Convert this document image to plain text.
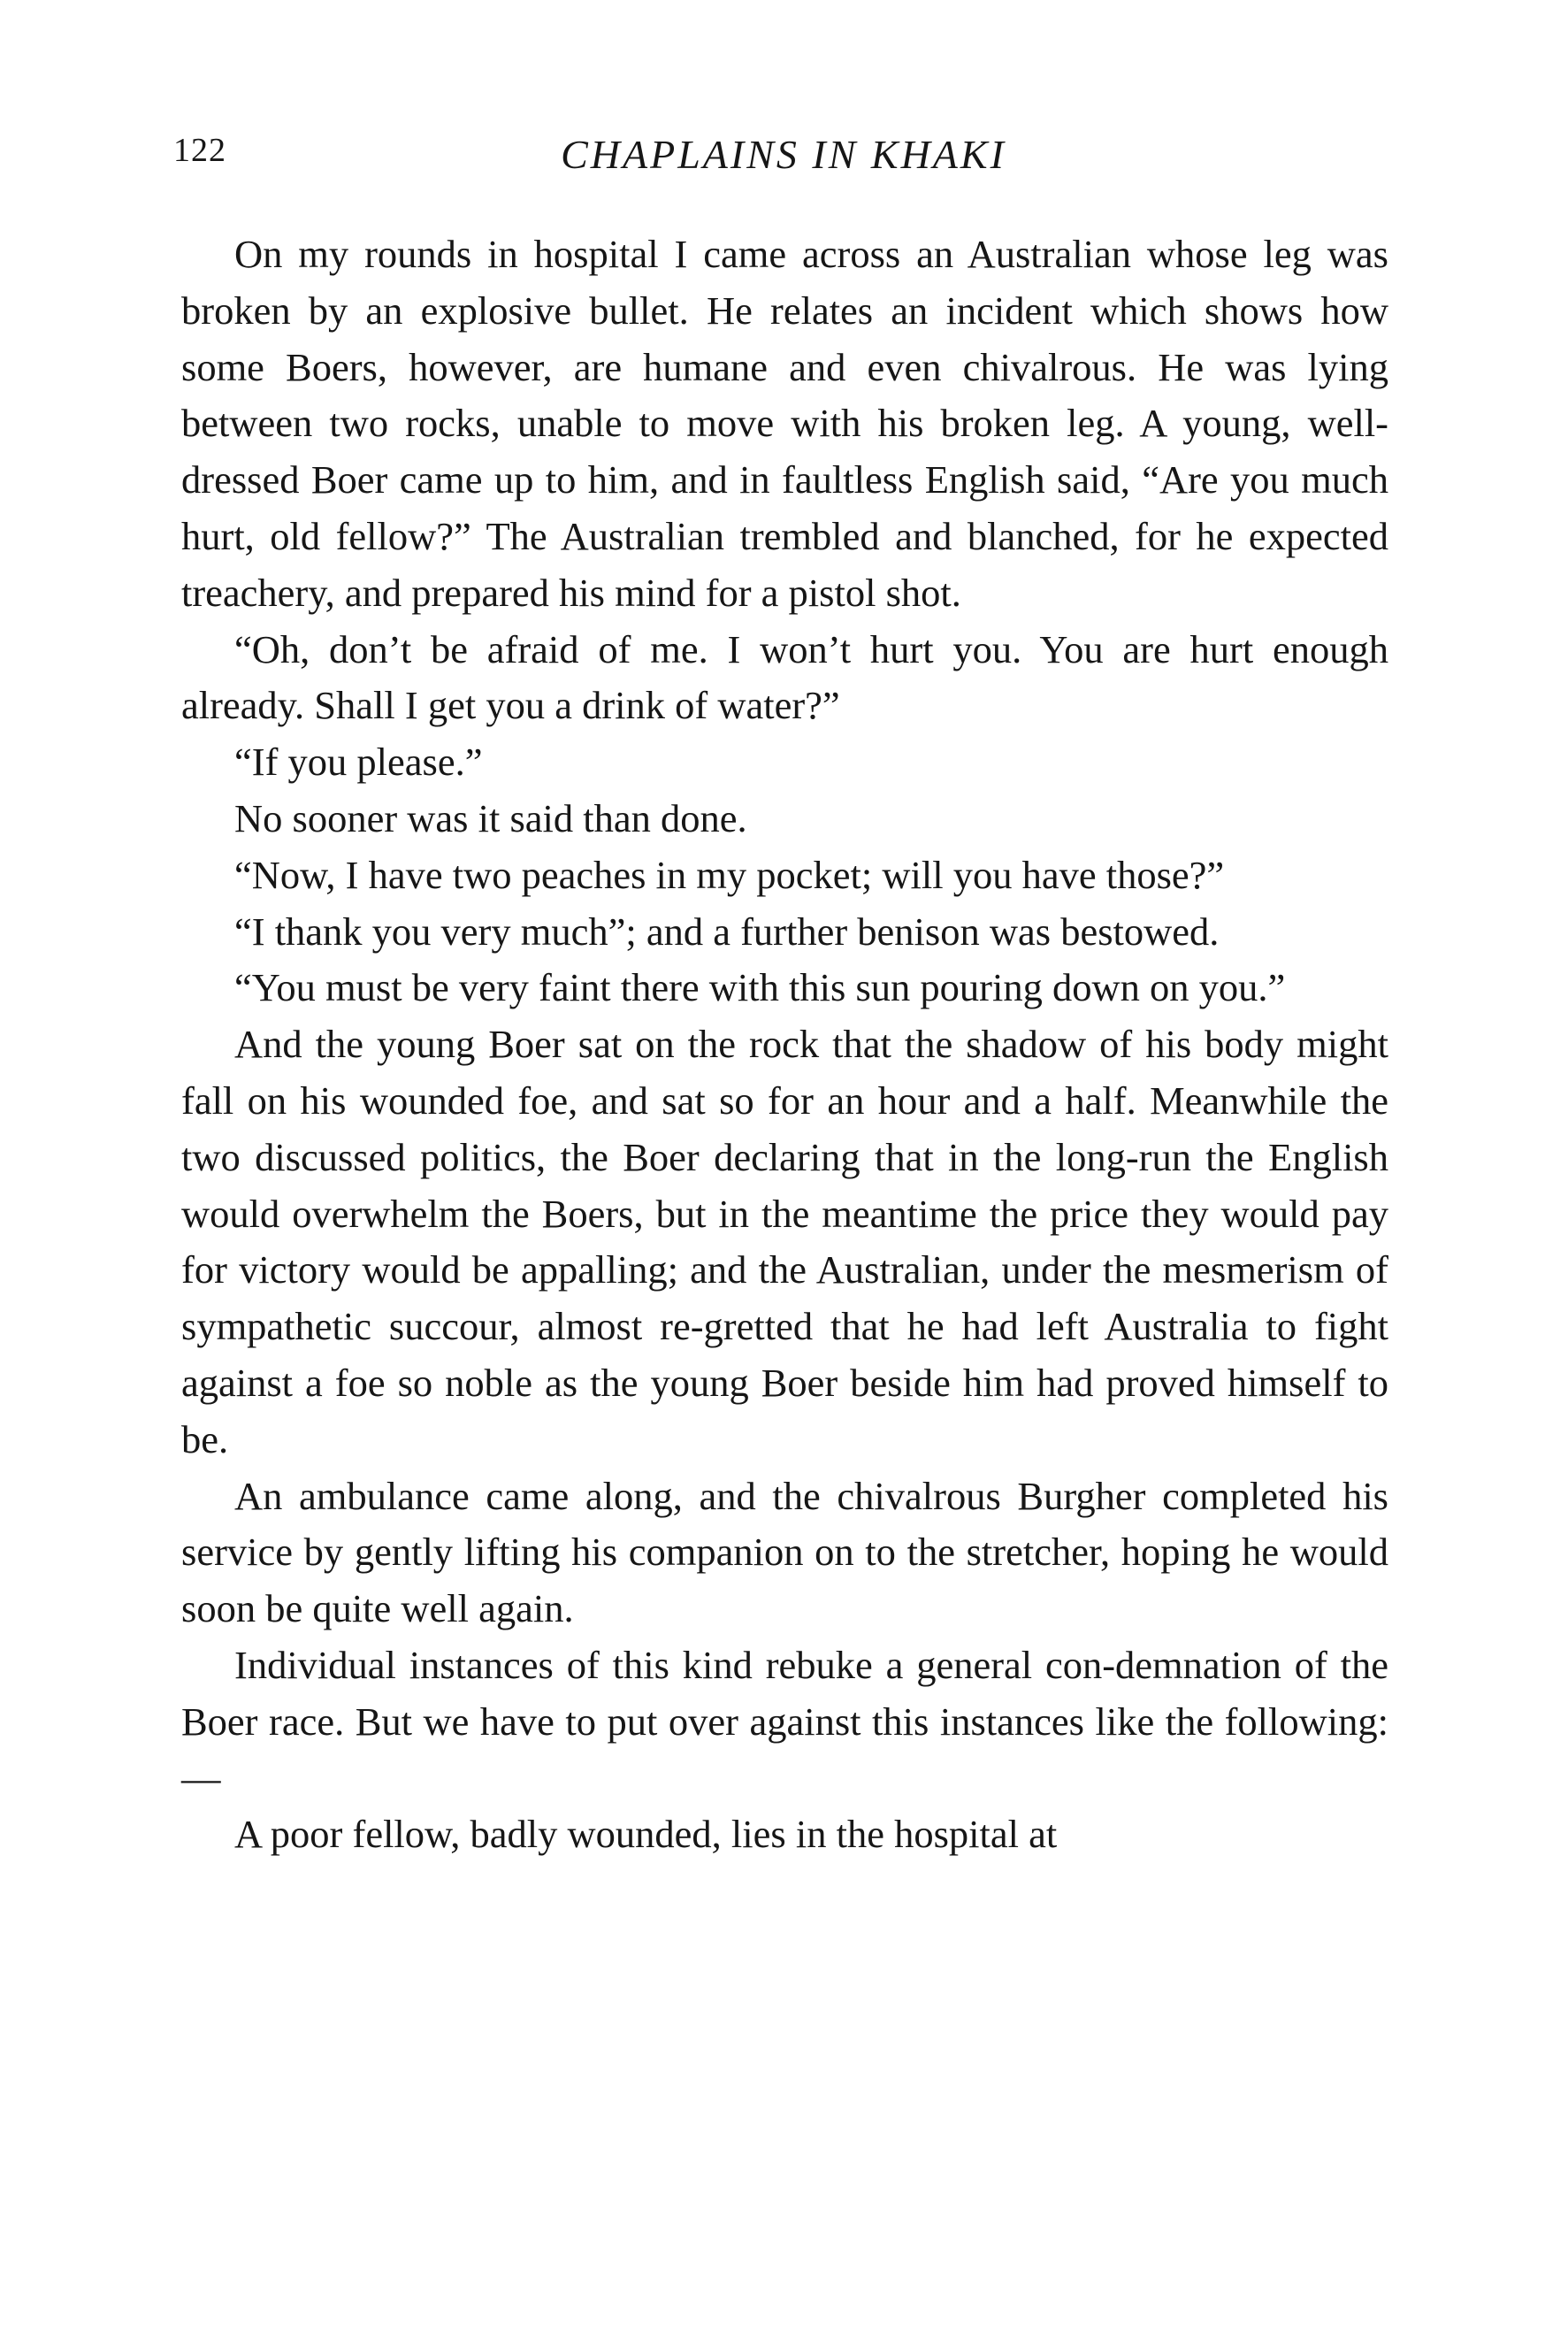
122	CHAPLAINS IN KHAKI

On my rounds in hospital I came across an Australian whose leg was broken by an explosive bullet. He relates an incident which shows how some Boers, however, are humane and even chivalrous. He was lying between two rocks, unable to move with his broken leg. A young, well-dressed Boer came up to him, and in faultless English said, “Are you much hurt, old fellow?” The Australian trembled and blanched, for he expected treachery, and prepared his mind for a pistol shot.

“Oh, don’t be afraid of me. I won’t hurt you. You are hurt enough already. Shall I get you a drink of water?”

“If you please.”

No sooner was it said than done.

“Now, I have two peaches in my pocket; will you have those?”

“I thank you very much”; and a further benison was bestowed.

“You must be very faint there with this sun pouring down on you.”

And the young Boer sat on the rock that the shadow of his body might fall on his wounded foe, and sat so for an hour and a half. Meanwhile the two discussed politics, the Boer declaring that in the long-run the English would overwhelm the Boers, but in the meantime the price they would pay for victory would be appalling; and the Australian, under the mesmerism of sympathetic succour, almost re-gretted that he had left Australia to fight against a foe so noble as the young Boer beside him had proved himself to be.

An ambulance came along, and the chivalrous Burgher completed his service by gently lifting his companion on to the stretcher, hoping he would soon be quite well again.

Individual instances of this kind rebuke a general con-demnation of the Boer race. But we have to put over against this instances like the following:—

A poor fellow, badly wounded, lies in the hospital at
